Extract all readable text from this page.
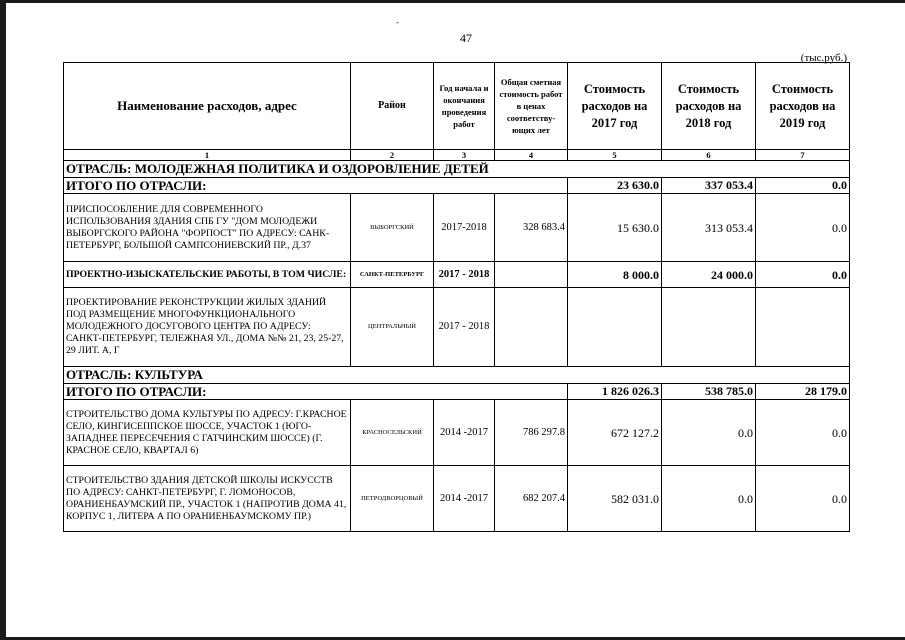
-
47
(тыс.руб.)
Наименование расходов, адрес	Район	Год начала и окончания проведения работ	Общая сметная стоимость работ в ценах соответству-ющих лет	Стоимость расходов на 2017 год	Стоимость расходов на 2018 год	Стоимость расходов на 2019 год
1	2	3	4	5	6	7
ОТРАСЛЬ: МОЛОДЕЖНАЯ ПОЛИТИКА И ОЗДОРОВЛЕНИЕ ДЕТЕЙ						
ИТОГО ПО ОТРАСЛИ:				23 630.0	337 053.4	0.0
ПРИСПОСОБЛЕНИЕ ДЛЯ СОВРЕМЕННОГО ИСПОЛЬЗОВАНИЯ ЗДАНИЯ СПБ ГУ "ДОМ МОЛОДЕЖИ ВЫБОРГСКОГО РАЙОНА "ФОРПОСТ" ПО АДРЕСУ: САНК-ПЕТЕРБУРГ, БОЛЬШОЙ САМПСОНИЕВСКИЙ ПР., Д.37	ВЫБОРГСКИЙ	2017-2018	328 683.4	15 630.0	313 053.4	0.0
ПРОЕКТНО-ИЗЫСКАТЕЛЬСКИЕ РАБОТЫ, В ТОМ ЧИСЛЕ:	САНКТ-ПЕТЕРБУРГ	2017 - 2018		8 000.0	24 000.0	0.0
ПРОЕКТИРОВАНИЕ РЕКОНСТРУКЦИИ ЖИЛЫХ ЗДАНИЙ ПОД РАЗМЕЩЕНИЕ МНОГОФУНКЦИОНАЛЬНОГО МОЛОДЕЖНОГО ДОСУГОВОГО ЦЕНТРА ПО АДРЕСУ: САНКТ-ПЕТЕРБУРГ, ТЕЛЕЖНАЯ УЛ., ДОМА №№ 21, 23, 25-27, 29 ЛИТ. А, Г	ЦЕНТРАЛЬНЫЙ	2017 - 2018				
ОТРАСЛЬ: КУЛЬТУРА						
ИТОГО ПО ОТРАСЛИ:				1 826 026.3	538 785.0	28 179.0
СТРОИТЕЛЬСТВО ДОМА КУЛЬТУРЫ ПО АДРЕСУ: Г.КРАСНОЕ СЕЛО, КИНГИСЕППСКОЕ ШОССЕ, УЧАСТОК 1 (ЮГО-ЗАПАДНЕЕ ПЕРЕСЕЧЕНИЯ С ГАТЧИНСКИМ ШОССЕ) (Г. КРАСНОЕ СЕЛО, КВАРТАЛ 6)	КРАСНОСЕЛЬСКИЙ	2014 -2017	786 297.8	672 127.2	0.0	0.0
СТРОИТЕЛЬСТВО ЗДАНИЯ ДЕТСКОЙ ШКОЛЫ ИСКУССТВ ПО АДРЕСУ: САНКТ-ПЕТЕРБУРГ, Г. ЛОМОНОСОВ, ОРАНИЕНБАУМСКИЙ ПР., УЧАСТОК 1 (НАПРОТИВ ДОМА 41, КОРПУС 1, ЛИТЕРА А ПО ОРАНИЕНБАУМСКОМУ ПР.)	ПЕТРОДВОРЦОВЫЙ	2014 -2017	682 207.4	582 031.0	0.0	0.0
